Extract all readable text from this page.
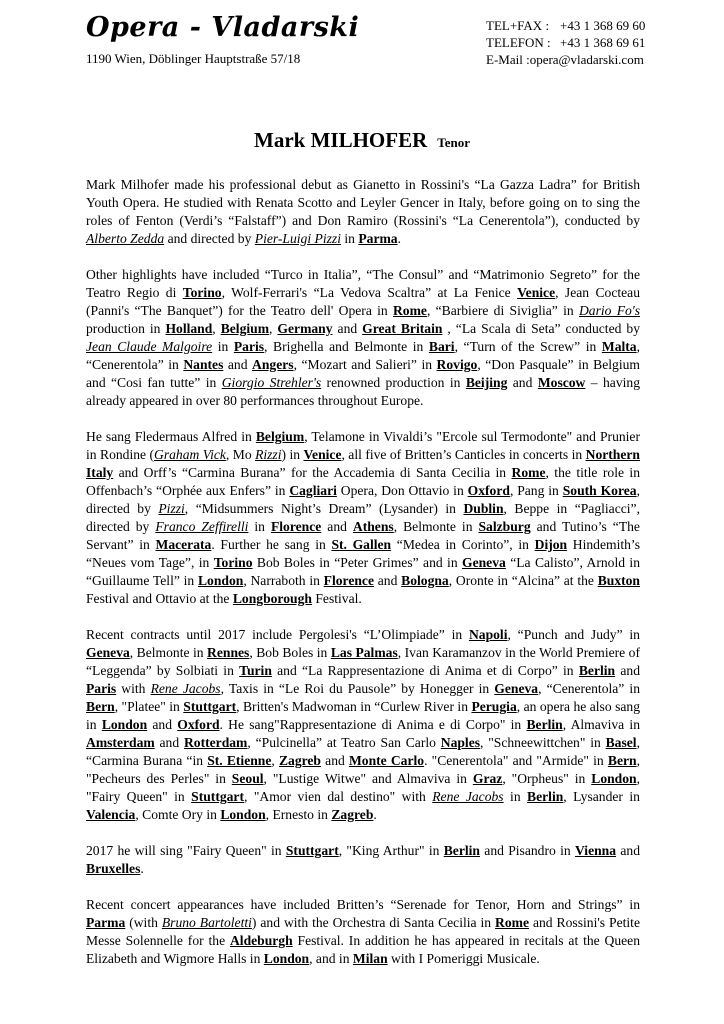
Opera - Vladarski
1190 Wien, Döblinger Hauptstraße 57/18
TEL+FAX : +43 1 368 69 60
TELEFON : +43 1 368 69 61
E-Mail : opera@vladarski.com
Mark MILHOFER Tenor

Mark Milhofer made his professional debut as Gianetto in Rossini's “La Gazza Ladra” for British Youth Opera. He studied with Renata Scotto and Leyler Gencer in Italy, before going on to sing the roles of Fenton (Verdi’s “Falstaff”) and Don Ramiro (Rossini's “La Cenerentola”), conducted by Alberto Zedda and directed by Pier-Luigi Pizzi in Parma.

Other highlights have included “Turco in Italia”, “The Consul” and “Matrimonio Segreto” for the Teatro Regio di Torino, Wolf-Ferrari's “La Vedova Scaltra” at La Fenice Venice, Jean Cocteau (Panni's “The Banquet”) for the Teatro dell' Opera in Rome, “Barbiere di Siviglia” in Dario Fo's production in Holland, Belgium, Germany and Great Britain , “La Scala di Seta” conducted by Jean Claude Malgoire in Paris, Brighella and Belmonte in Bari, “Turn of the Screw” in Malta, “Cenerentola” in Nantes and Angers, “Mozart and Salieri” in Rovigo, “Don Pasquale” in Belgium and “Cosi fan tutte” in Giorgio Strehler's renowned production in Beijing and Moscow – having already appeared in over 80 performances throughout Europe.

He sang Fledermaus Alfred in Belgium, Telamone in Vivaldi’s "Ercole sul Termodonte" and Prunier in Rondine (Graham Vick, Mo Rizzi) in Venice, all five of Britten’s Canticles in concerts in Northern Italy and Orff’s “Carmina Burana” for the Accademia di Santa Cecilia in Rome, the title role in Offenbach’s “Orphée aux Enfers” in Cagliari Opera, Don Ottavio in Oxford, Pang in South Korea, directed by Pizzi, “Midsummers Night’s Dream” (Lysander) in Dublin, Beppe in “Pagliacci”, directed by Franco Zeffirelli in Florence and Athens, Belmonte in Salzburg and Tutino’s “The Servant” in Macerata. Further he sang in St. Gallen “Medea in Corinto”, in Dijon Hindemith’s “Neues vom Tage”, in Torino Bob Boles in “Peter Grimes” and in Geneva “La Calisto”, Arnold in “Guillaume Tell” in London, Narraboth in Florence and Bologna, Oronte in “Alcina” at the Buxton Festival and Ottavio at the Longborough Festival.

Recent contracts until 2017 include Pergolesi's “L’Olimpiade” in Napoli, “Punch and Judy” in Geneva, Belmonte in Rennes, Bob Boles in Las Palmas, Ivan Karamanzov in the World Premiere of “Leggenda” by Solbiati in Turin and “La Rappresentazione di Anima et di Corpo” in Berlin and Paris with Rene Jacobs, Taxis in “Le Roi du Pausole” by Honegger in Geneva, “Cenerentola” in Bern, "Platee" in Stuttgart, Britten's Madwoman in “Curlew River in Perugia, an opera he also sang in London and Oxford. He sang"Rappresentazione di Anima e di Corpo" in Berlin, Almaviva in Amsterdam and Rotterdam, “Pulcinella” at Teatro San Carlo Naples, "Schneewittchen" in Basel, “Carmina Burana “in St. Etienne, Zagreb and Monte Carlo. "Cenerentola" and "Armide" in Bern, "Pecheurs des Perles" in Seoul, "Lustige Witwe" and Almaviva in Graz, "Orpheus" in London, "Fairy Queen" in Stuttgart, "Amor vien dal destino" with Rene Jacobs in Berlin, Lysander in Valencia, Comte Ory in London, Ernesto in Zagreb.

2017 he will sing "Fairy Queen" in Stuttgart, "King Arthur" in Berlin and Pisandro in Vienna and Bruxelles.

Recent concert appearances have included Britten’s “Serenade for Tenor, Horn and Strings” in Parma (with Bruno Bartoletti) and with the Orchestra di Santa Cecilia in Rome and Rossini's Petite Messe Solennelle for the Aldeburgh Festival. In addition he has appeared in recitals at the Queen Elizabeth and Wigmore Halls in London, and in Milan with I Pomeriggi Musicale.
